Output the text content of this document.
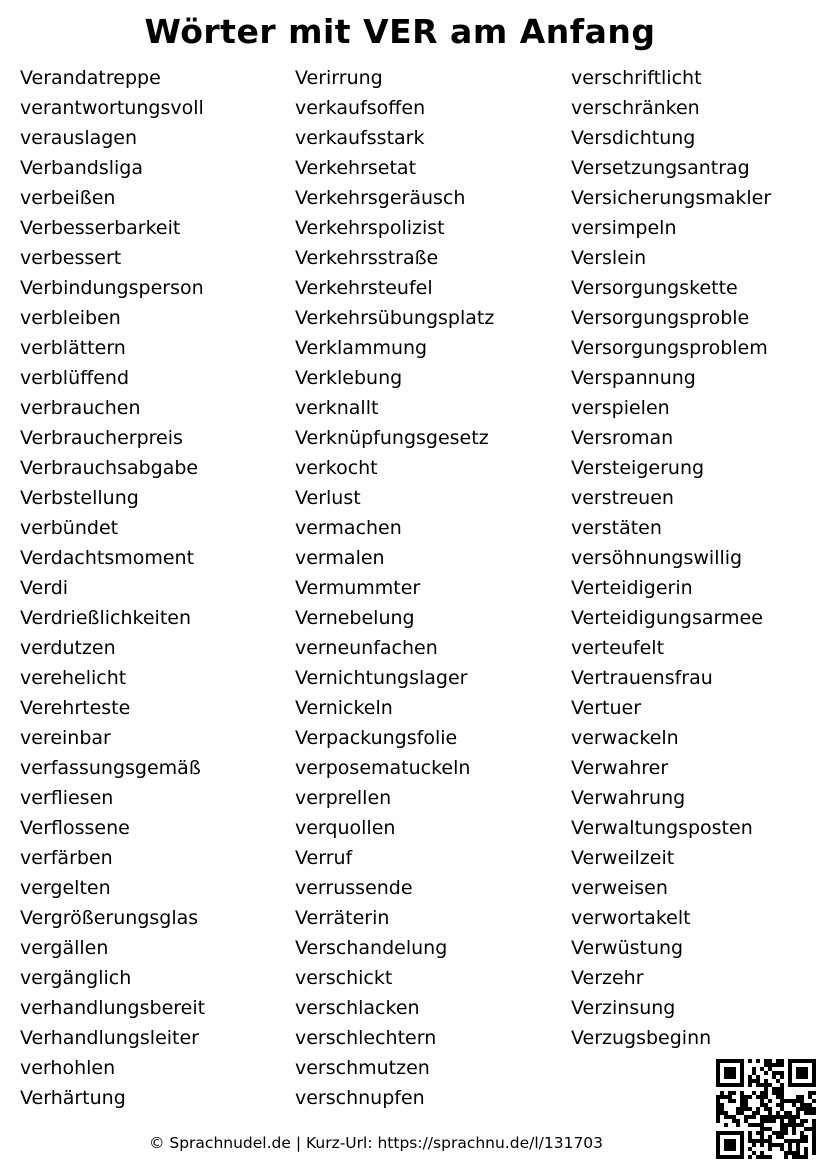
Wörter mit VER am Anfang
Verandatreppe
verantwortungsvoll
verauslagen
Verbandsliga
verbeißen
Verbesserbarkeit
verbessert
Verbindungsperson
verbleiben
verblättern
verblüffend
verbrauchen
Verbraucherpreis
Verbrauchsabgabe
Verbstellung
verbündet
Verdachtsmoment
Verdi
Verdrießlichkeiten
verdutzen
verehelicht
Verehrteste
vereinbar
verfassungsgemäß
verfliesen
Verflossene
verfärben
vergelten
Vergrößerungsglas
vergällen
vergänglich
verhandlungsbereit
Verhandlungsleiter
verhohlen
Verhärtung
Verirrung
verkaufsoffen
verkaufsstark
Verkehrsetat
Verkehrsgeräusch
Verkehrspolizist
Verkehrsstraße
Verkehrsteufel
Verkehrsübungsplatz
Verklammung
Verklebung
verknallt
Verknüpfungsgesetz
verkocht
Verlust
vermachen
vermalen
Vermummter
Vernebelung
verneunfachen
Vernichtungslager
Vernickeln
Verpackungsfolie
verposematuckeln
verprellen
verquollen
Verruf
verrussende
Verräterin
Verschandelung
verschickt
verschlacken
verschlechtern
verschmutzen
verschnupfen
verschriftlicht
verschränken
Versdichtung
Versetzungsantrag
Versicherungsmakler
versimpeln
Verslein
Versorgungskette
Versorgungsproble
Versorgungsproblem
Verspannung
verspielen
Versroman
Versteigerung
verstreuen
verstäten
versöhnungswillig
Verteidigerin
Verteidigungsarmee
verteufelt
Vertrauensfrau
Vertuer
verwackeln
Verwahrer
Verwahrung
Verwaltungsposten
Verweilzeit
verweisen
verwortakelt
Verwüstung
Verzehr
Verzinsung
Verzugsbeginn
© Sprachnudel.de | Kurz-Url: https://sprachnu.de/l/131703
